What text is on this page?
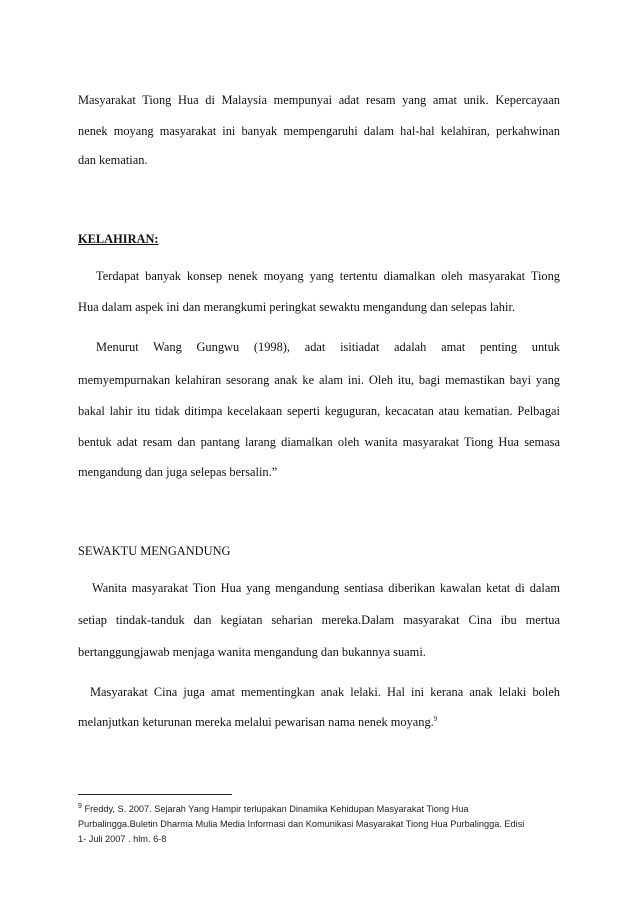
Masyarakat Tiong Hua di Malaysia mempunyai adat resam yang amat unik. Kepercayaan
nenek moyang masyarakat ini banyak mempengaruhi dalam hal-hal kelahiran, perkahwinan
dan kematian.
KELAHIRAN:
Terdapat banyak konsep nenek moyang yang tertentu diamalkan oleh masyarakat Tiong
Hua dalam aspek ini dan merangkumi peringkat sewaktu mengandung dan selepas lahir.
Menurut Wang Gungwu (1998), adat isitiadat adalah amat penting untuk
memyempurnakan kelahiran sesorang anak ke alam ini. Oleh itu, bagi memastikan bayi yang
bakal lahir itu tidak ditimpa kecelakaan seperti keguguran, kecacatan atau kematian. Pelbagai
bentuk adat resam dan pantang larang diamalkan oleh wanita masyarakat Tiong Hua semasa
mengandung dan juga selepas bersalin.”
SEWAKTU MENGANDUNG
Wanita masyarakat Tion Hua yang mengandung sentiasa diberikan kawalan ketat di dalam
setiap tindak-tanduk dan kegiatan seharian mereka.Dalam masyarakat Cina ibu mertua
bertanggungjawab menjaga wanita mengandung dan bukannya suami.
Masyarakat Cina juga amat mementingkan anak lelaki. Hal ini kerana anak lelaki boleh
melanjutkan keturunan mereka melalui pewarisan nama nenek moyang.$^9$
$^9$ Freddy, S. 2007. Sejarah Yang Hampir terlupakan Dinamika Kehidupan Masyarakat Tiong Hua
Purbalingga.Buletin Dharma Mulia Media Informasi dan Komunikasi Masyarakat Tiong Hua Purbalingga. Edisi
1- Juli 2007 . hlm. 6-8
